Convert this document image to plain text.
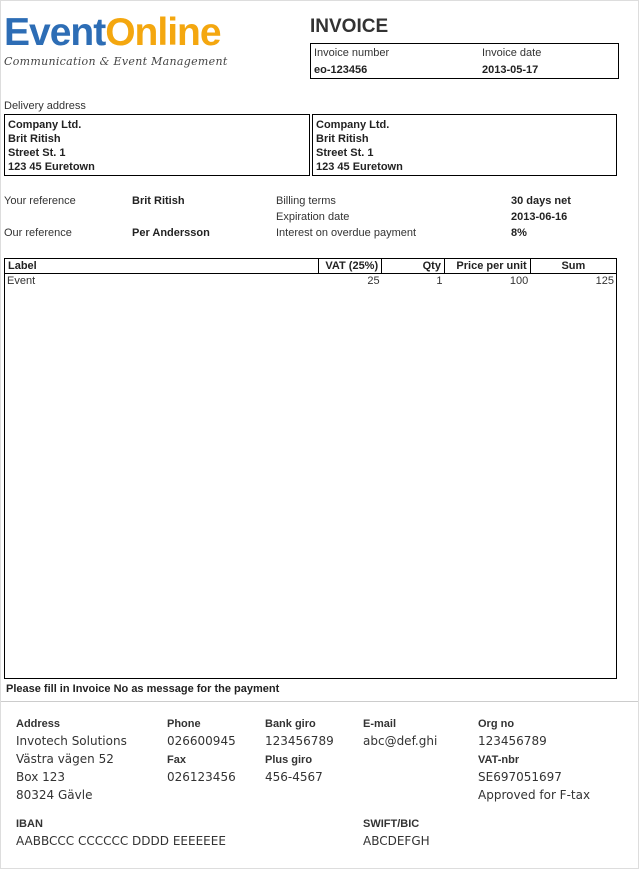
EventOnline
Communication & Event Management
INVOICE
Invoice number
eo-123456
Invoice date
2013-05-17
Delivery address
Company Ltd.
Brit Ritish
Street St. 1
123 45 Euretown
Company Ltd.
Brit Ritish
Street St. 1
123 45 Euretown
Your reference	Brit Ritish
Our reference	Per Andersson
Billing terms	30 days net
Expiration date	2013-06-16
Interest on overdue payment	8%
Label	VAT (25%)	Qty	Price per unit	Sum
Event	25	1	100	125
Please fill in Invoice No as message for the payment
Address
Invotech Solutions
Västra vägen 52
Box 123
80324 Gävle
Phone
026600945
Fax
026123456
Bank giro
123456789
Plus giro
456-4567
E-mail
abc@def.ghi
Org no
123456789
VAT-nbr
SE697051697
Approved for F-tax
IBAN
AABBCCC CCCCCC DDDD EEEEEEE
SWIFT/BIC
ABCDEFGH
